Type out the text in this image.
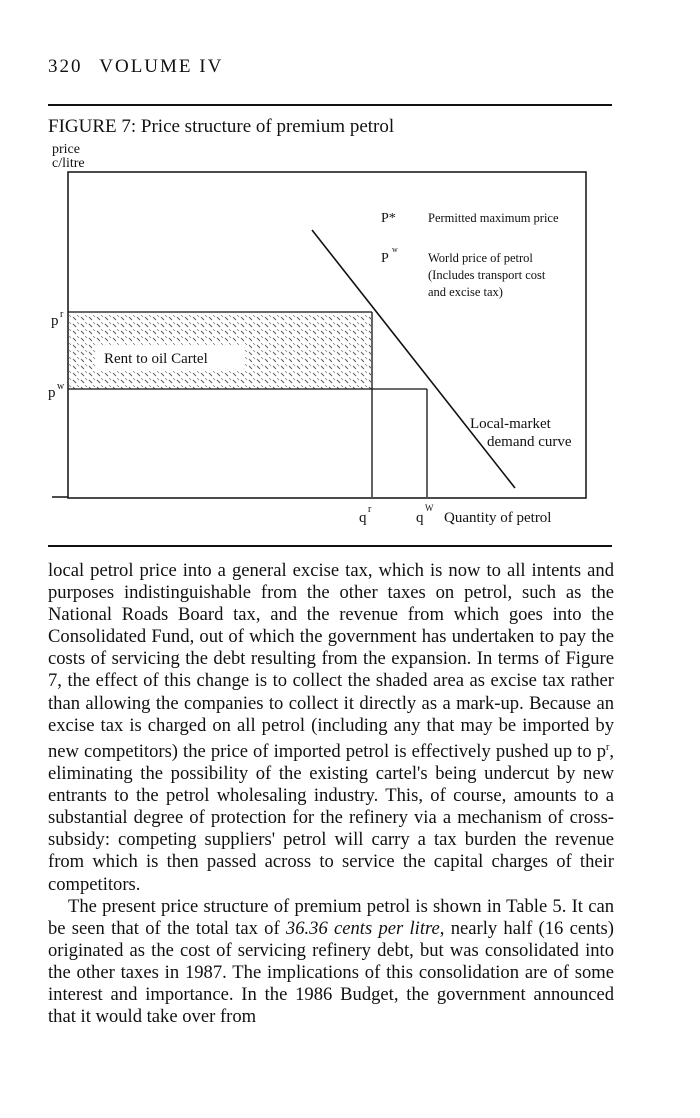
320 VOLUME IV
FIGURE 7: Price structure of premium petrol
price
c/litre
Rent to oil Cartel
P*	Permitted maximum price
P
w
World price of petrol
(Includes transport cost
and excise tax)
p r
p w
q
r
q
W
Quantity of petrol
Local-market
demand curve

local petrol price into a general excise tax, which is now to all intents and purposes indistinguishable from the other taxes on petrol, such as the National Roads Board tax, and the revenue from which goes into the Consolidated Fund, out of which the government has undertaken to pay the costs of servicing the debt resulting from the expansion. In terms of Figure 7, the effect of this change is to collect the shaded area as excise tax rather than allowing the companies to collect it directly as a mark-up. Because an excise tax is charged on all petrol (including any that may be imported by new competitors) the price of imported petrol is effectively pushed up to $p^r$, eliminating the possibility of the existing cartel's being undercut by new entrants to the petrol wholesaling industry. This, of course, amounts to a substantial degree of protection for the refinery via a mechanism of cross-subsidy: competing suppliers' petrol will carry a tax burden the revenue from which is then passed across to service the capital charges of their competitors.

The present price structure of premium petrol is shown in Table 5. It can be seen that of the total tax of 36.36 cents per litre, nearly half (16 cents) originated as the cost of servicing refinery debt, but was consolidated into the other taxes in 1987. The implications of this consolidation are of some interest and importance. In the 1986 Budget, the government announced that it would take over from
